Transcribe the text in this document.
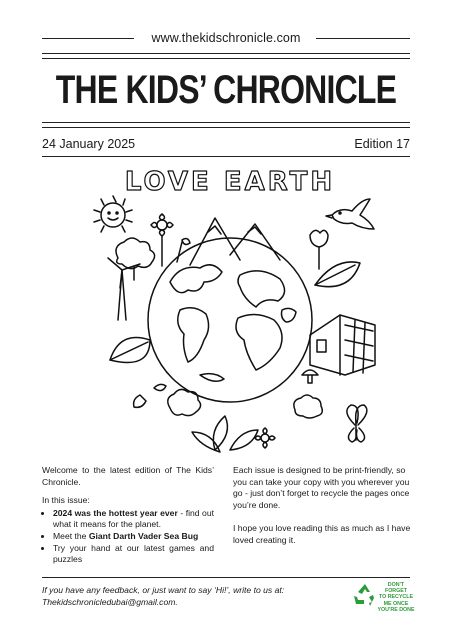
www.thekidschronicle.com
THE KIDS’ CHRONICLE
24 January 2025	Edition 17
LOVE EARTH

Welcome to the latest edition of The Kids’ Chronicle.

In this issue:

• 2024 was the hottest year ever - find out what it means for the planet.
• Meet the Giant Darth Vader Sea Bug
• Try your hand at our latest games and puzzles

Each issue is designed to be print-friendly, so you can take your copy with you wherever you go - just don’t forget to recycle the pages once you’re done.

I hope you love reading this as much as I have loved creating it.

If you have any feedback, or just want to say ‘Hi!’, write to us at:
Thekidschronicledubai@gmail.com.
DON’T FORGET
TO RECYCLE
ME ONCE
YOU’RE DONE
